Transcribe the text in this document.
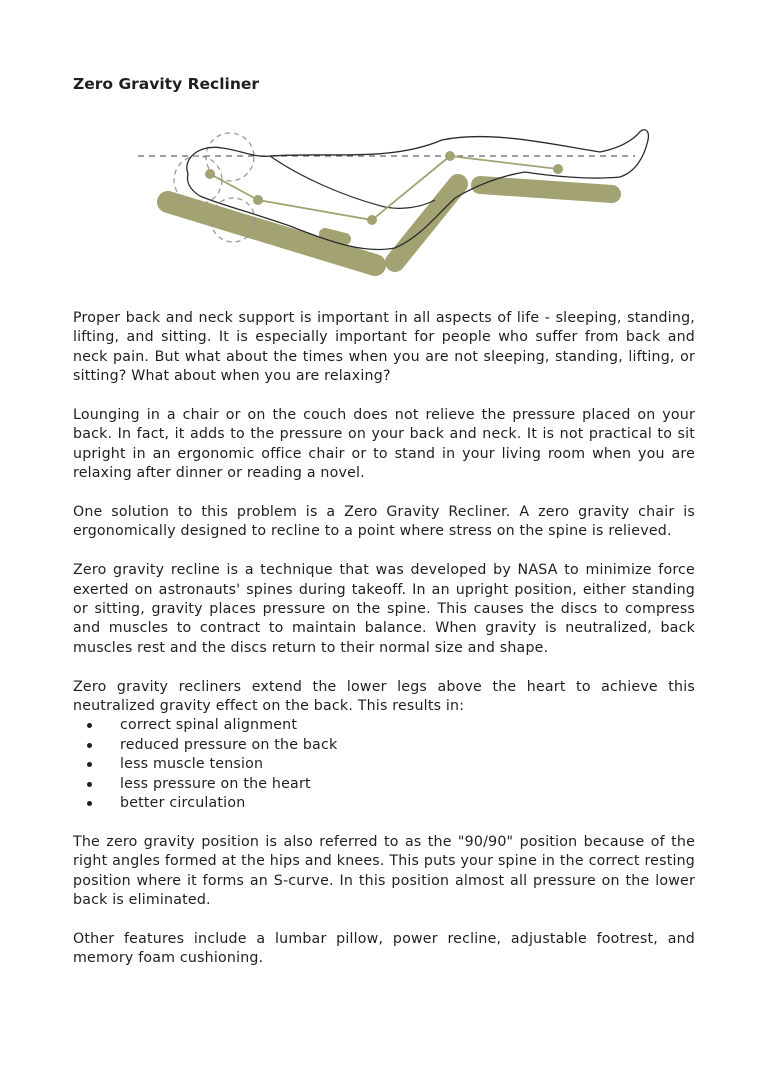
Zero Gravity Recliner

Proper back and neck support is important in all aspects of life - sleeping, standing, lifting, and sitting. It is especially important for people who suffer from back and neck pain. But what about the times when you are not sleeping, standing, lifting, or sitting? What about when you are relaxing?

Lounging in a chair or on the couch does not relieve the pressure placed on your back. In fact, it adds to the pressure on your back and neck. It is not practical to sit upright in an ergonomic office chair or to stand in your living room when you are relaxing after dinner or reading a novel.

One solution to this problem is a Zero Gravity Recliner. A zero gravity chair is ergonomically designed to recline to a point where stress on the spine is relieved.

Zero gravity recline is a technique that was developed by NASA to minimize force exerted on astronauts' spines during takeoff. In an upright position, either standing or sitting, gravity places pressure on the spine. This causes the discs to compress and muscles to contract to maintain balance. When gravity is neutralized, back muscles rest and the discs return to their normal size and shape.

Zero gravity recliners extend the lower legs above the heart to achieve this neutralized gravity effect on the back. This results in:

correct spinal alignment
reduced pressure on the back
less muscle tension
less pressure on the heart
better circulation

The zero gravity position is also referred to as the "90/90" position because of the right angles formed at the hips and knees. This puts your spine in the correct resting position where it forms an S-curve. In this position almost all pressure on the lower back is eliminated.

Other features include a lumbar pillow, power recline, adjustable footrest, and memory foam cushioning.
